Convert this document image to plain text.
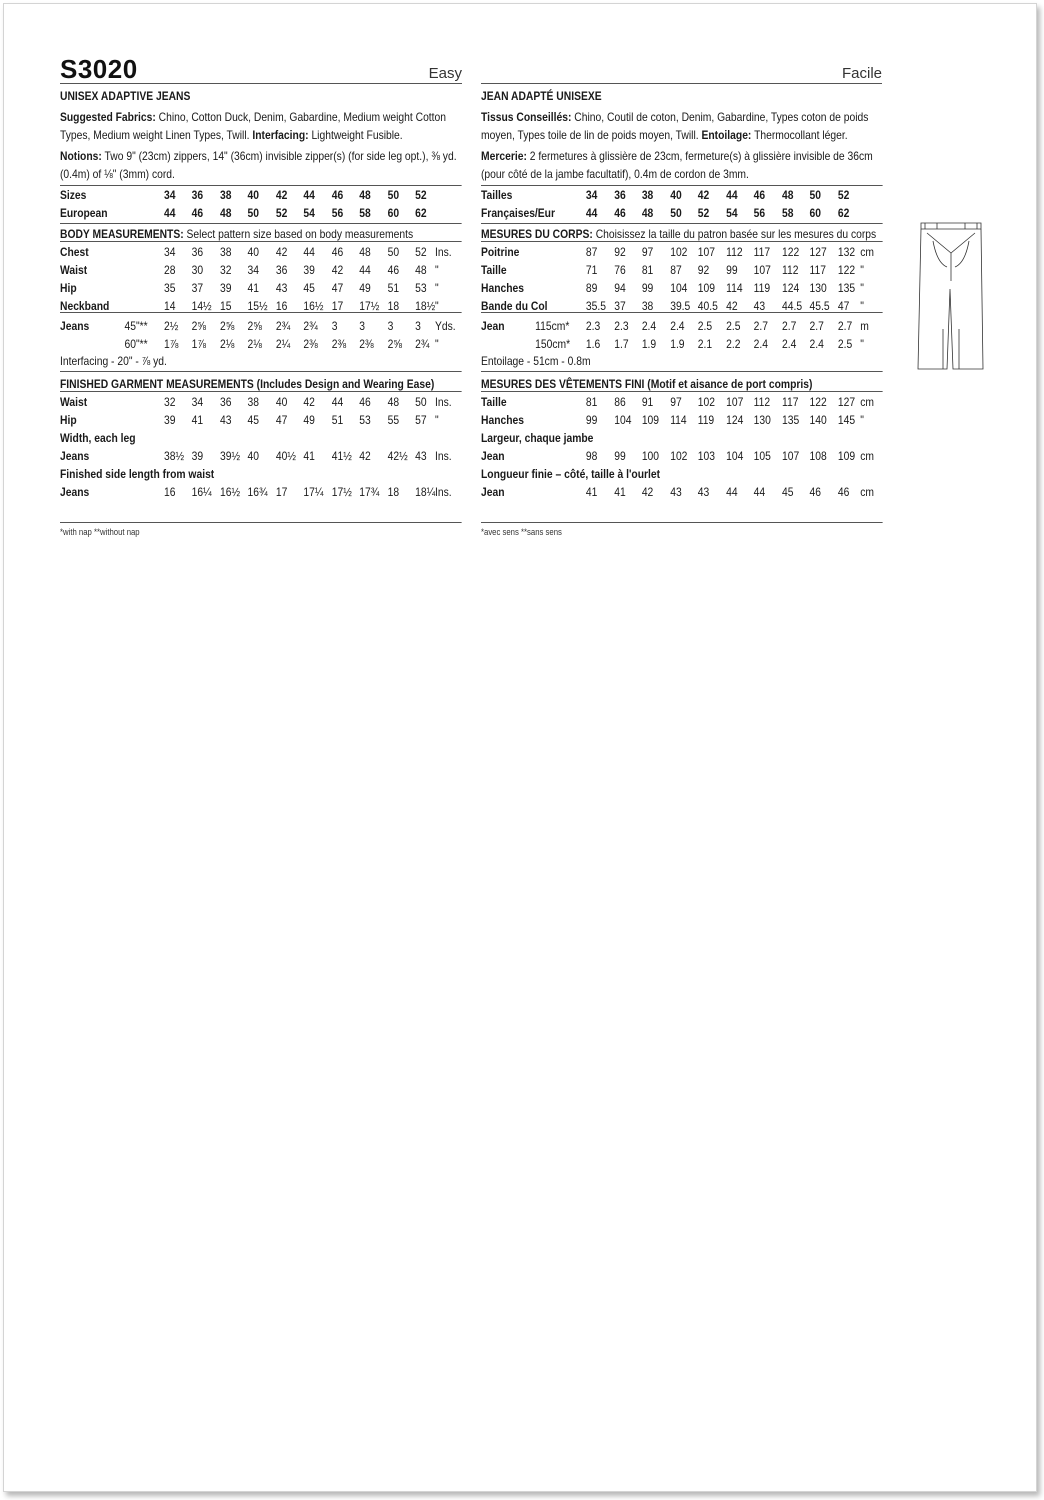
S3020	Easy
UNISEX ADAPTIVE JEANS
Suggested Fabrics: Chino, Cotton Duck, Denim, Gabardine, Medium weight Cotton
Types, Medium weight Linen Types, Twill. Interfacing: Lightweight Fusible.
Notions: Two 9" (23cm) zippers, 14" (36cm) invisible zipper(s) (for side leg opt.), ⅜ yd.
(0.4m) of ⅛" (3mm) cord.
Sizes	34 36 38 40 42 44 46 48 50 52
European	44 46 48 50 52 54 56 58 60 62
BODY MEASUREMENTS: Select pattern size based on body measurements
Chest	34 36 38 40 42 44 46 48 50 52 Ins.
Waist	28 30 32 34 36 39 42 44 46 48 "
Hip	35 37 39 41 43 45 47 49 51 53 "
Neckband	14 14½ 15 15½ 16 16½ 17 17½ 18 18½ "
Jeans	45"** 2½ 2⅝ 2⅝ 2⅝ 2¾ 2¾ 3 3 3 3 Yds.
60"** 1⅞ 1⅞ 2⅛ 2⅛ 2¼ 2⅜ 2⅜ 2⅜ 2⅝ 2¾ "
Interfacing - 20" - ⅞ yd.
FINISHED GARMENT MEASUREMENTS (Includes Design and Wearing Ease)
Waist	32 34 36 38 40 42 44 46 48 50 Ins.
Hip	39 41 43 45 47 49 51 53 55 57 "
Width, each leg
Jeans	38½ 39 39½ 40 40½ 41 41½ 42 42½ 43 Ins.
Finished side length from waist
Jeans	16 16¼ 16½ 16¾ 17 17¼ 17½ 17¾ 18 18¼ Ins.
*with nap **without nap
Facile
JEAN ADAPTÉ UNISEXE
Tissus Conseillés: Chino, Coutil de coton, Denim, Gabardine, Types coton de poids
moyen, Types toile de lin de poids moyen, Twill. Entoilage: Thermocollant léger.
Mercerie: 2 fermetures à glissière de 23cm, fermeture(s) à glissière invisible de 36cm
(pour côté de la jambe facultatif), 0.4m de cordon de 3mm.
Tailles	34 36 38 40 42 44 46 48 50 52
Françaises/Eur	44 46 48 50 52 54 56 58 60 62
MESURES DU CORPS: Choisissez la taille du patron basée sur les mesures du corps
Poitrine	87 92 97 102 107 112 117 122 127 132 cm
Taille	71 76 81 87 92 99 107 112 117 122 "
Hanches	89 94 99 104 109 114 119 124 130 135 "
Bande du Col	35.5 37 38 39.5 40.5 42 43 44.5 45.5 47 "
Jean	115cm* 2.3 2.3 2.4 2.4 2.5 2.5 2.7 2.7 2.7 2.7 m
150cm* 1.6 1.7 1.9 1.9 2.1 2.2 2.4 2.4 2.4 2.5 "
Entoilage - 51cm - 0.8m
MESURES DES VÊTEMENTS FINI (Motif et aisance de port compris)
Taille	81 86 91 97 102 107 112 117 122 127 cm
Hanches	99 104 109 114 119 124 130 135 140 145 "
Largeur, chaque jambe
Jean	98 99 100 102 103 104 105 107 108 109 cm
Longueur finie – côté, taille à l'ourlet
Jean	41 41 42 43 43 44 44 45 46 46 cm
*avec sens **sans sens
